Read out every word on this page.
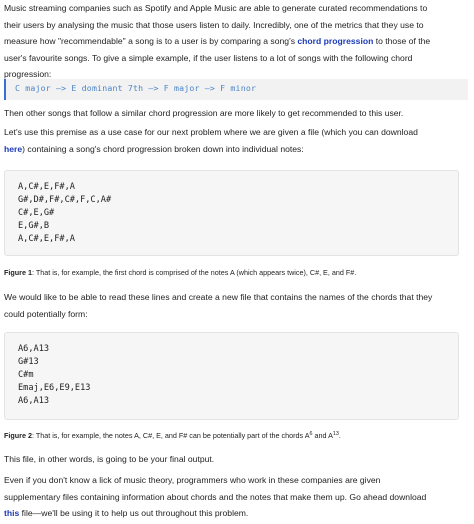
Music streaming companies such as Spotify and Apple Music are able to generate curated recommendations to
their users by analysing the music that those users listen to daily. Incredibly, one of the metrics that they use to
measure how "recommendable" a song is to a user is by comparing a song's chord progression to those of the
user's favourite songs. To give a simple example, if the user listens to a lot of songs with the following chord
progression:

C major —> E dominant 7th —> F major —> F minor

Then other songs that follow a similar chord progression are more likely to get recommended to this user.

Let's use this premise as a use case for our next problem where we are given a file (which you can download
here) containing a song's chord progression broken down into individual notes:

A,C#,E,F#,A
G#,D#,F#,C#,F,C,A#
C#,E,G#
E,G#,B
A,C#,E,F#,A

Figure 1: That is, for example, the first chord is comprised of the notes A (which appears twice), C#, E, and F#.

We would like to be able to read these lines and create a new file that contains the names of the chords that they
could potentially form:

A6,A13
G#13
C#m
Emaj,E6,E9,E13
A6,A13

Figure 2: That is, for example, the notes A, C#, E, and F# can be potentially part of the chords $A^6$ and $A^{13}$.

This file, in other words, is going to be your final output.

Even if you don't know a lick of music theory, programmers who work in these companies are given
supplementary files containing information about chords and the notes that make them up. Go ahead download
this file—we'll be using it to help us out throughout this problem.
